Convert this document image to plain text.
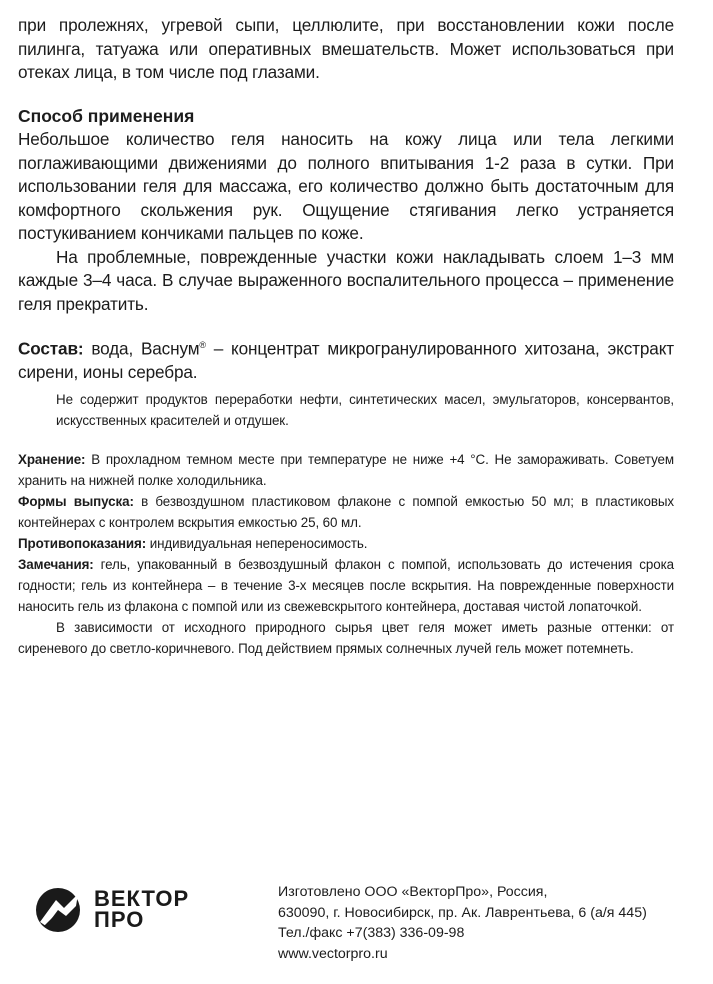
при пролежнях, угревой сыпи, целлюлите, при восстановлении кожи после пилинга, татуажа или оперативных вмешательств. Может использоваться при отеках лица, в том числе под глазами.

Способ применения

Небольшое количество геля наносить на кожу лица или тела легкими поглаживающими движениями до полного впитывания 1-2 раза в сутки. При использовании геля для массажа, его количество должно быть достаточным для комфортного скольжения рук. Ощущение стягивания легко устраняется постукиванием кончиками пальцев по коже.

На проблемные, поврежденные участки кожи накладывать слоем 1–3 мм каждые 3–4 часа. В случае выраженного воспалительного процесса – применение геля прекратить.

Состав: вода, Васнум® – концентрат микрогранулированного хитозана, экстракт сирени, ионы серебра.

Не содержит продуктов переработки нефти, синтетических масел, эмульгаторов, консервантов, искусственных красителей и отдушек.

Хранение: В прохладном темном месте при температуре не ниже +4 °С. Не замораживать. Советуем хранить на нижней полке холодильника.

Формы выпуска: в безвоздушном пластиковом флаконе с помпой емкостью 50 мл; в пластиковых контейнерах с контролем вскрытия емкостью 25, 60 мл.

Противопоказания: индивидуальная непереносимость.

Замечания: гель, упакованный в безвоздушный флакон с помпой, использовать до истечения срока годности; гель из контейнера – в течение 3-х месяцев после вскрытия. На поврежденные поверхности наносить гель из флакона с помпой или из свежевскрытого контейнера, доставая чистой лопаточкой.

В зависимости от исходного природного сырья цвет геля может иметь разные оттенки: от сиреневого до светло-коричневого. Под действием прямых солнечных лучей гель может потемнеть.

ВЕКТОР
ПРО
Изготовлено ООО «ВекторПро», Россия,
630090, г. Новосибирск, пр. Ак. Лаврентьева, 6 (а/я 445)
Тел./факс +7(383) 336-09-98
www.vectorpro.ru
